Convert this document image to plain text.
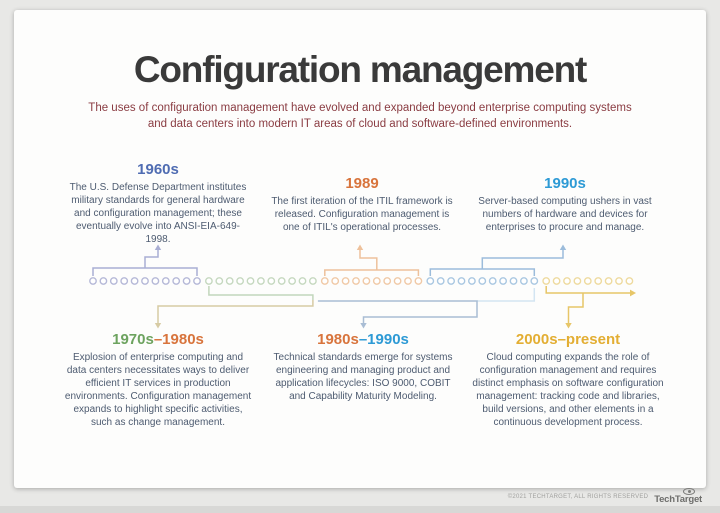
Configuration management

The uses of configuration management have evolved and expanded beyond enterprise computing systems and data centers into modern IT areas of cloud and software-defined environments.

1960s
The U.S. Defense Department institutes military standards for general hardware and configuration management; these eventually evolve into ANSI-EIA-649-1998.
1989
The first iteration of the ITIL framework is released. Configuration management is one of ITIL's operational processes.
1990s
Server-based computing ushers in vast numbers of hardware and devices for enterprises to procure and manage.
1970s–1980s
Explosion of enterprise computing and data centers necessitates ways to deliver efficient IT services in production environments. Configuration management expands to highlight specific activities, such as change management.
1980s–1990s
Technical standards emerge for systems engineering and managing product and application lifecycles: ISO 9000, COBIT and Capability Maturity Modeling.
2000s–present
Cloud computing expands the role of configuration management and requires distinct emphasis on software configuration management: tracking code and libraries, build versions, and other elements in a continuous development process.
©2021 TECHTARGET, ALL RIGHTS RESERVED TechTarget
